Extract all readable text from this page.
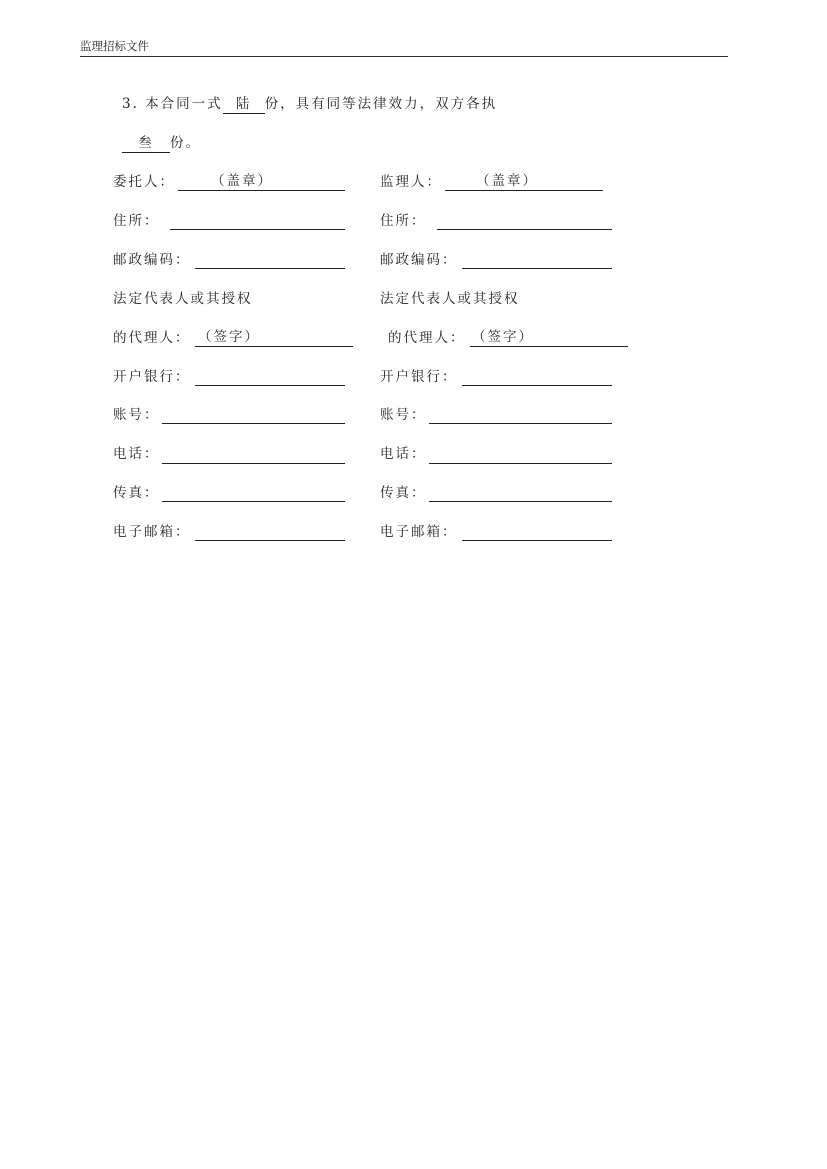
监理招标文件
3. 本合同一式 陆 份，具有同等法律效力，双方各执
叁 份。
委托人：	（盖章）
住所：
邮政编码：
法定代表人或其授权
的代理人： （签字）
开户银行：
账号：
电话：
传真：
电子邮箱：
监理人：	（盖章）
住所：
邮政编码：
法定代表人或其授权
的代理人： （签字）
开户银行：
账号：
电话：
传真：
电子邮箱：
